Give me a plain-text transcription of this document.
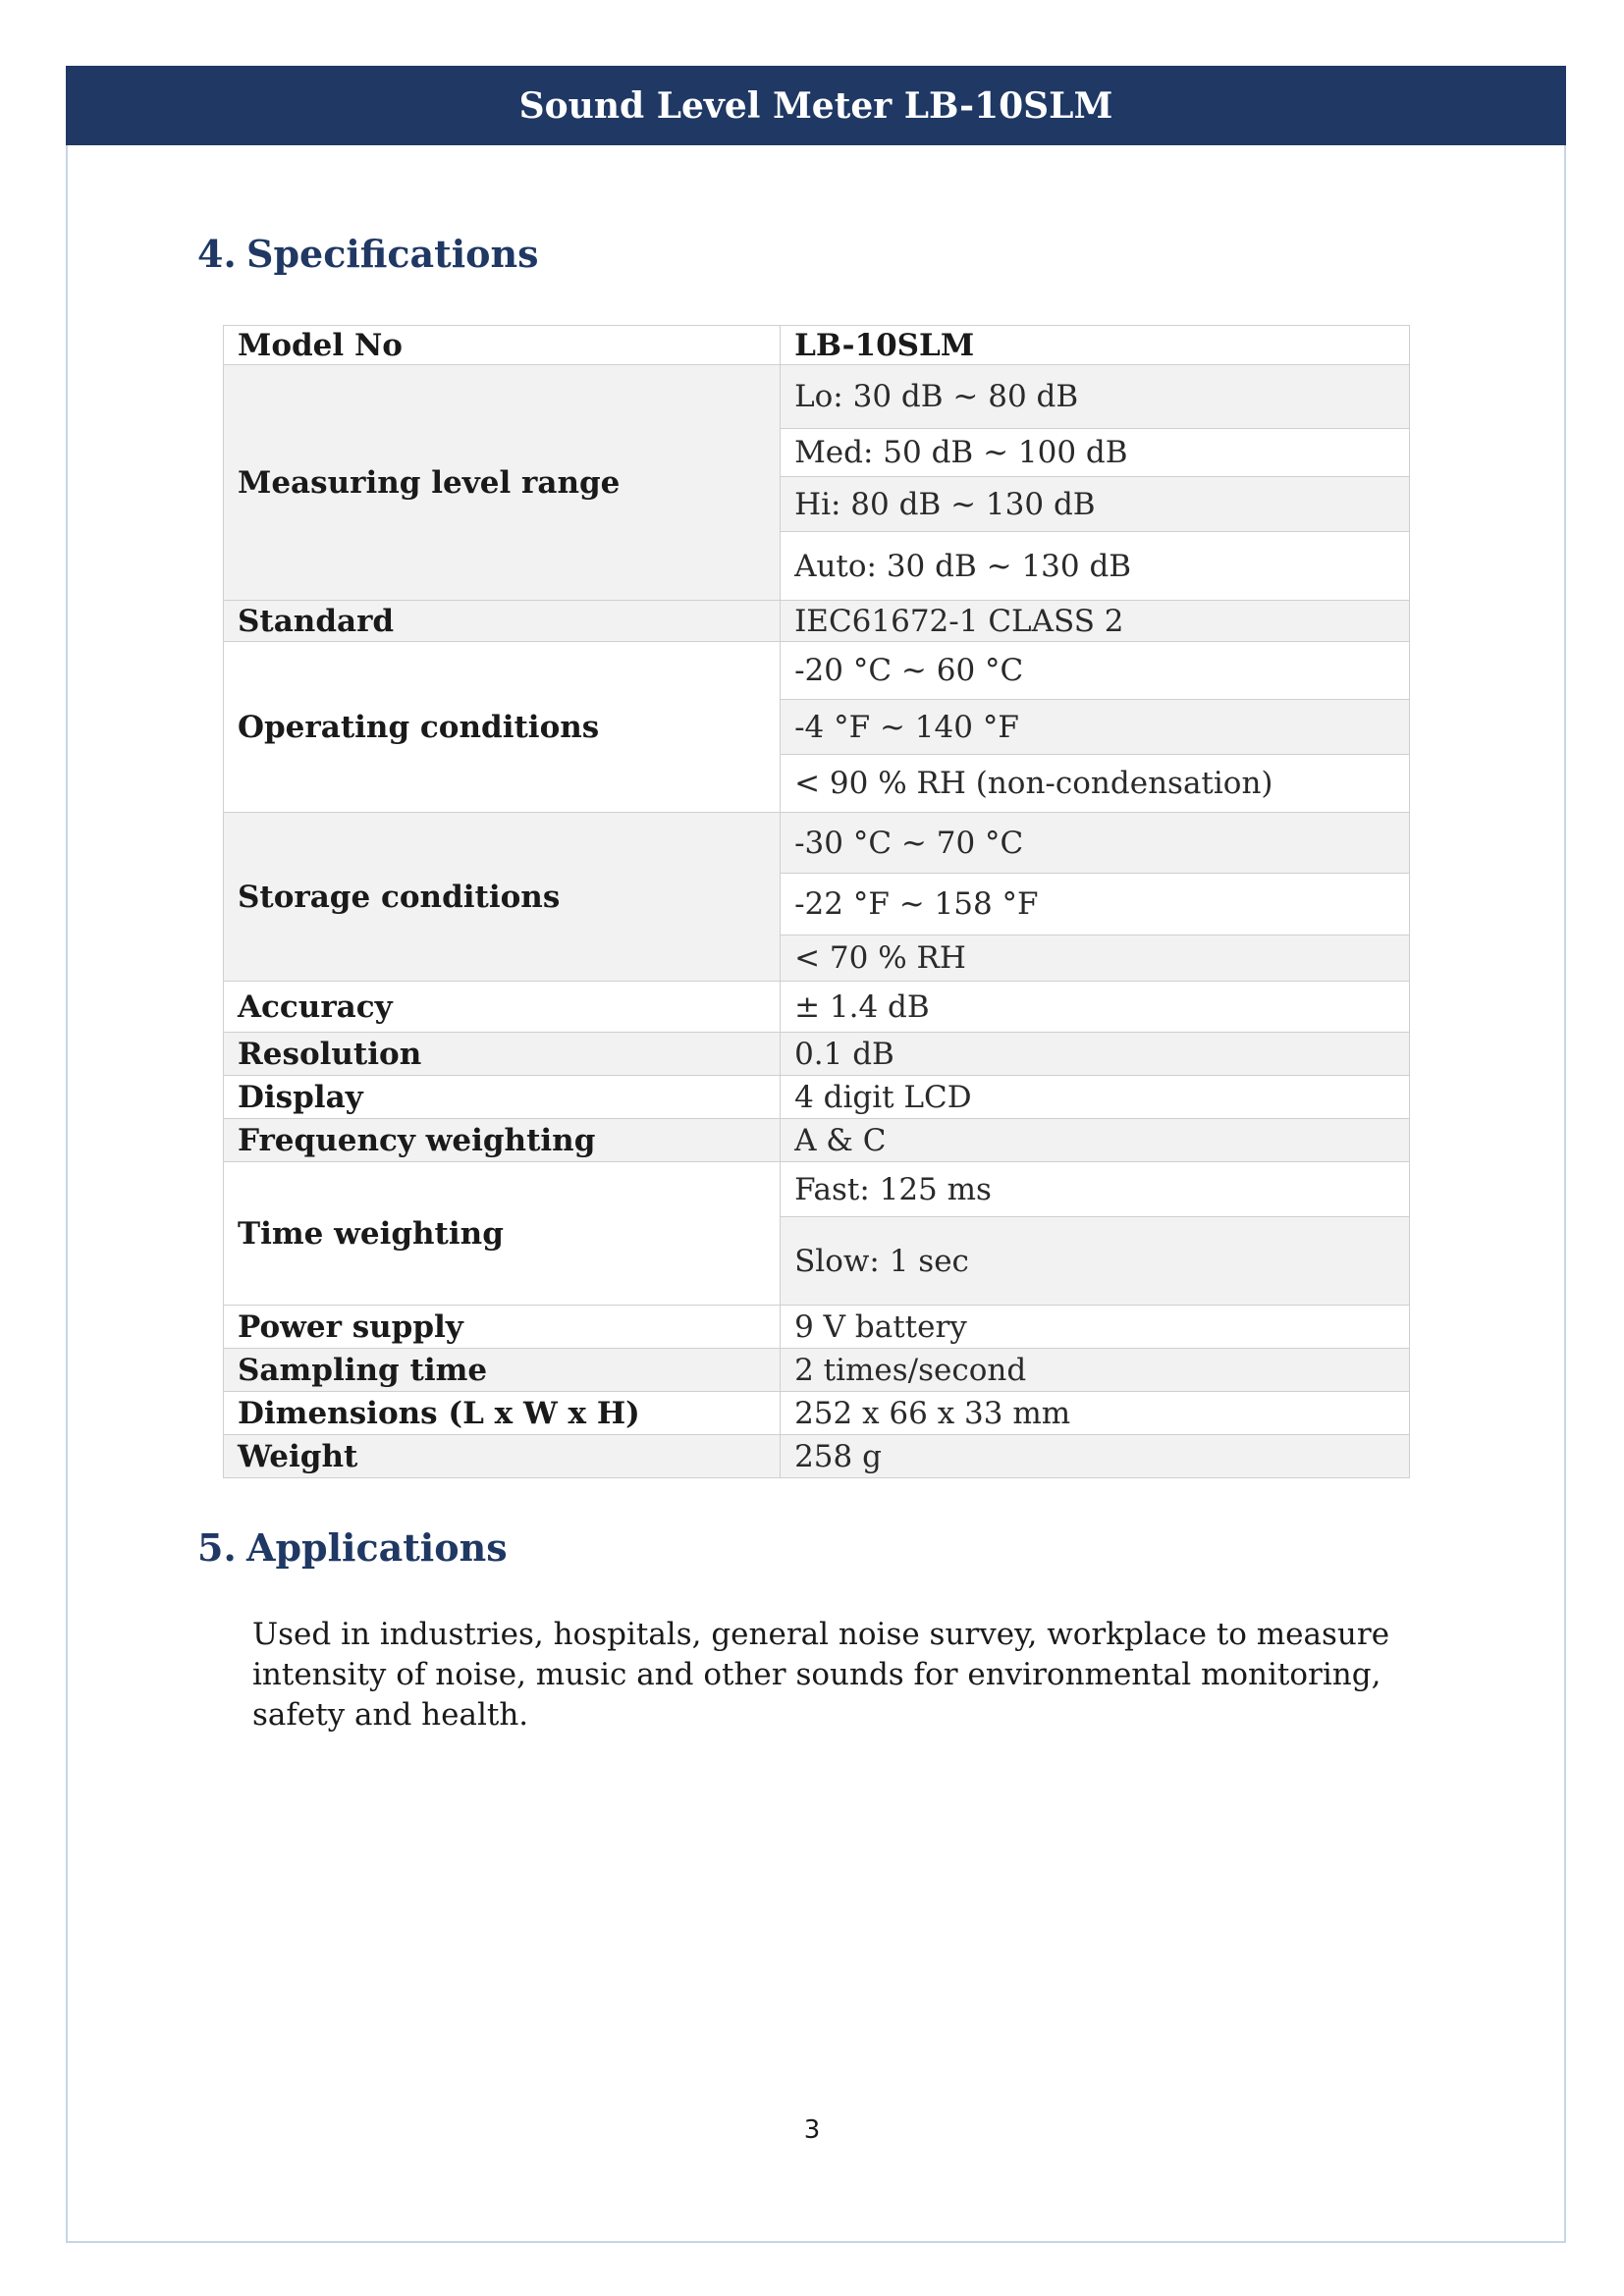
Sound Level Meter LB-10SLM
4. Specifications
Model No	LB-10SLM
Measuring level range	Lo: 30 dB ~ 80 dB
	Med: 50 dB ~ 100 dB
	Hi: 80 dB ~ 130 dB
	Auto: 30 dB ~ 130 dB
Standard	IEC61672-1 CLASS 2
Operating conditions	-20 °C ~ 60 °C
	-4 °F ~ 140 °F
	< 90 % RH (non-condensation)
Storage conditions	-30 °C ~ 70 °C
	-22 °F ~ 158 °F
	< 70 % RH
Accuracy	± 1.4 dB
Resolution	0.1 dB
Display	4 digit LCD
Frequency weighting	A & C
Time weighting	Fast: 125 ms
	Slow: 1 sec
Power supply	9 V battery
Sampling time	2 times/second
Dimensions (L x W x H)	252 x 66 x 33 mm
Weight	258 g
5. Applications
Used in industries, hospitals, general noise survey, workplace to measure intensity of noise, music and other sounds for environmental monitoring, safety and health.
3
